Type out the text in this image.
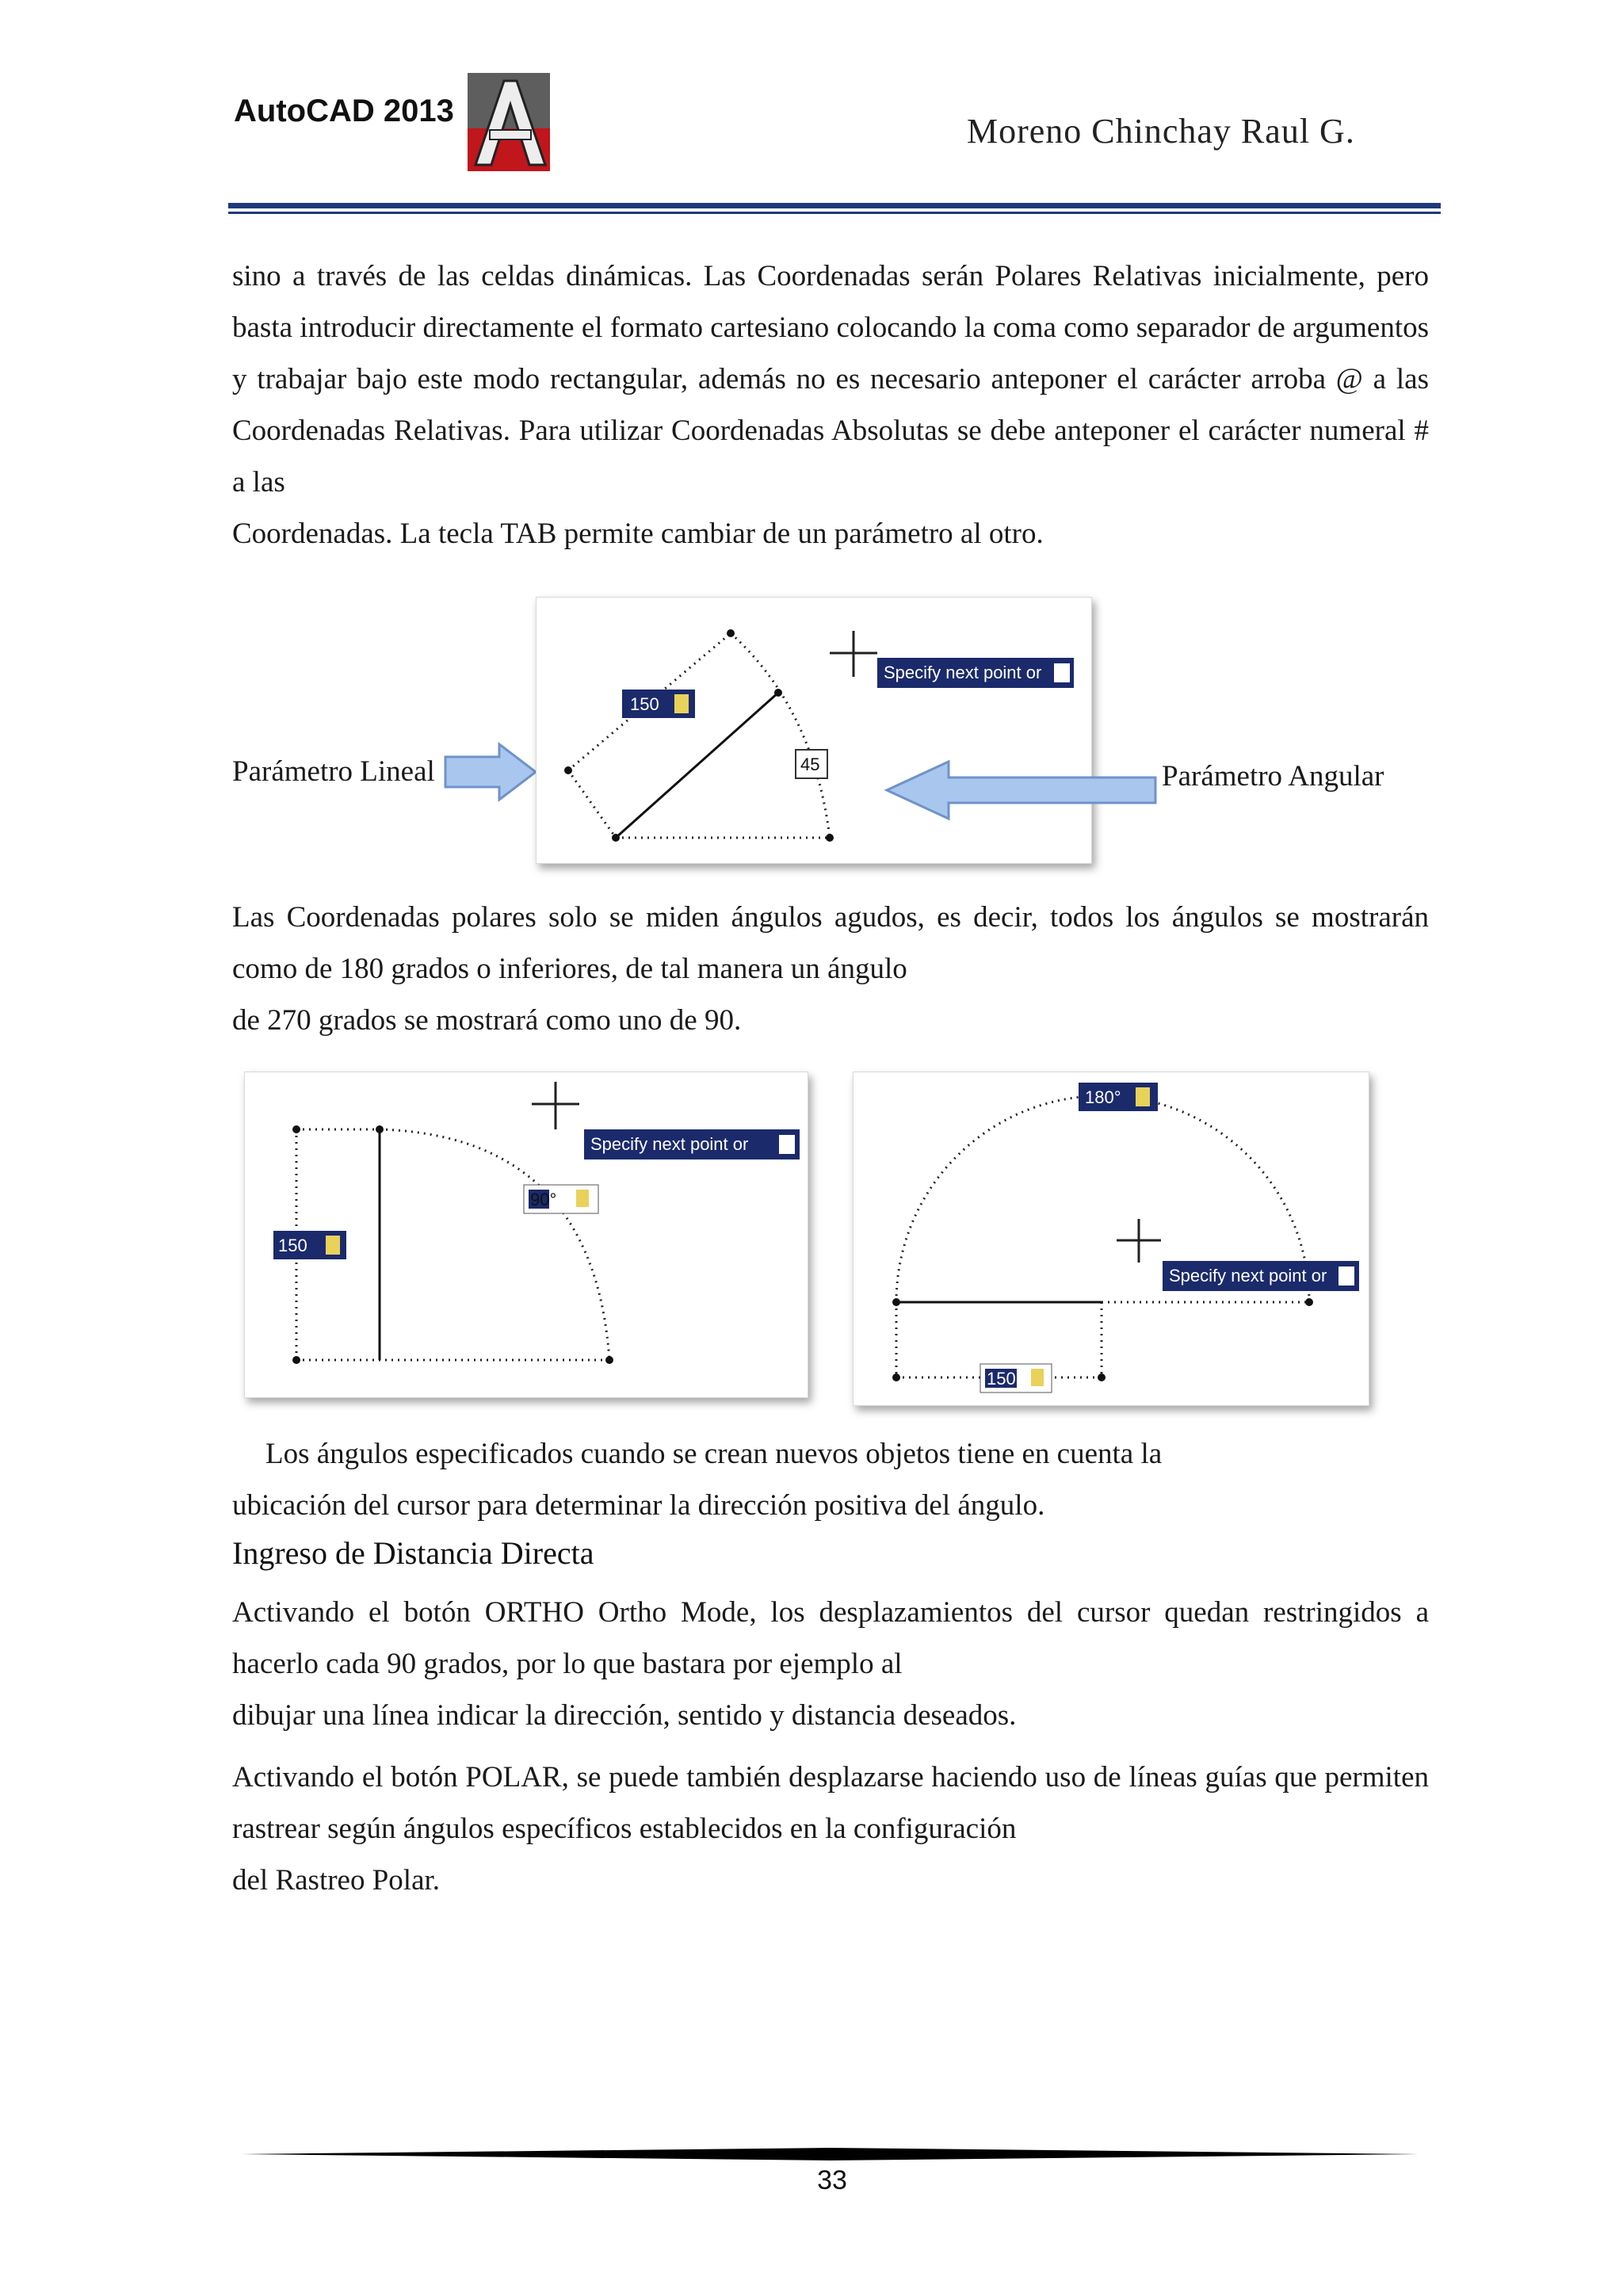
AutoCAD 2013
Moreno Chinchay Raul G.
sino a través de las celdas dinámicas. Las Coordenadas serán Polares Relativas inicialmente, pero basta introducir directamente el formato cartesiano colocando la coma como separador de argumentos y trabajar bajo este modo rectangular, además no es necesario anteponer el carácter arroba @ a las Coordenadas Relativas. Para utilizar Coordenadas Absolutas se debe anteponer el carácter numeral # a las
Coordenadas. La tecla TAB permite cambiar de un parámetro al otro.
Parámetro Lineal
150
45
Specify next point or
Parámetro Angular
Las Coordenadas polares solo se miden ángulos agudos, es decir, todos los ángulos se mostrarán como de 180 grados o inferiores, de tal manera un ángulo
de 270 grados se mostrará como uno de 90.
150
90°
Specify next point or
180°
150
Specify next point or
Los ángulos especificados cuando se crean nuevos objetos tiene en cuenta la
ubicación del cursor para determinar la dirección positiva del ángulo.
Ingreso de Distancia Directa
Activando el botón ORTHO Ortho Mode, los desplazamientos del cursor quedan restringidos a hacerlo cada 90 grados, por lo que bastara por ejemplo al
dibujar una línea indicar la dirección, sentido y distancia deseados.
Activando el botón POLAR, se puede también desplazarse haciendo uso de líneas guías que permiten rastrear según ángulos específicos establecidos en la configuración
del Rastreo Polar.
33
